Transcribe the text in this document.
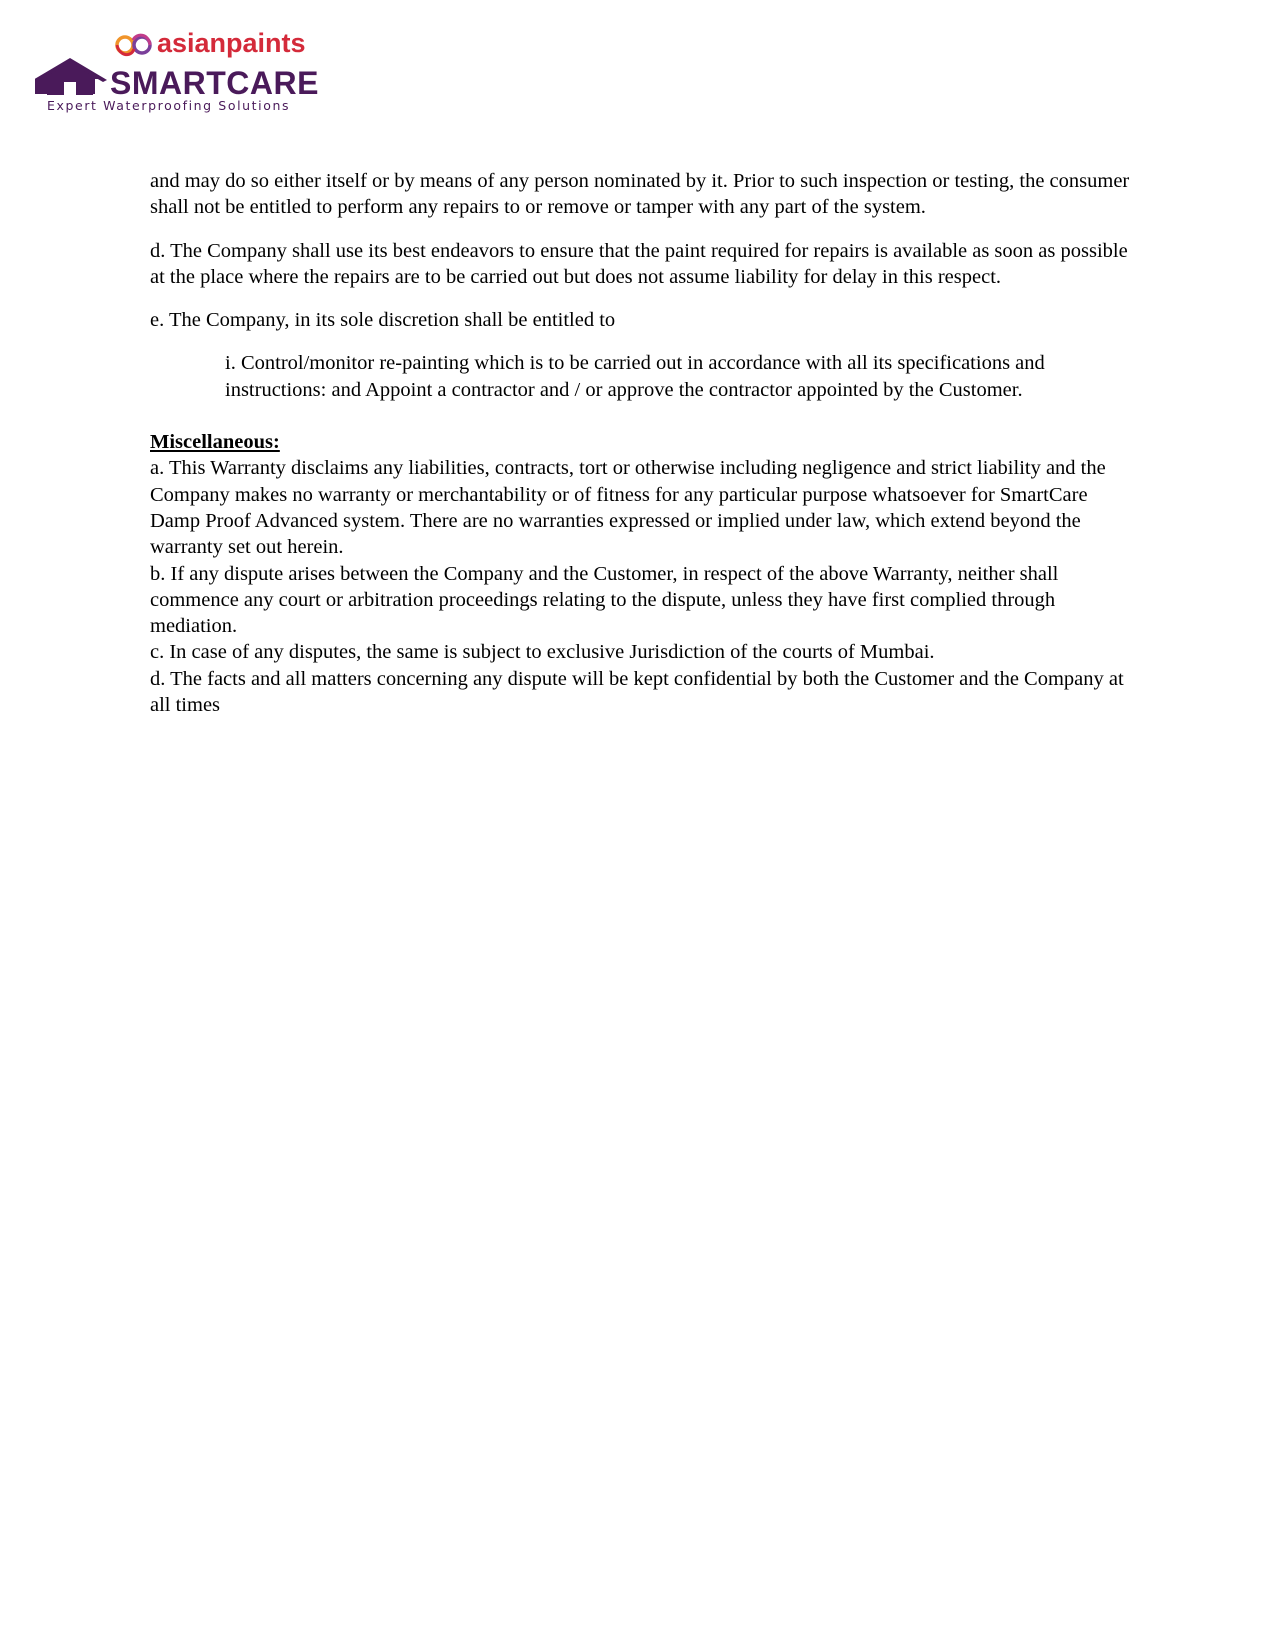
asianpaints
SMARTCARE
Expert Waterproofing Solutions

and may do so either itself or by means of any person nominated by it. Prior to such inspection or testing, the consumer shall not be entitled to perform any repairs to or remove or tamper with any part of the system.

d. The Company shall use its best endeavors to ensure that the paint required for repairs is available as soon as possible at the place where the repairs are to be carried out but does not assume liability for delay in this respect.

e. The Company, in its sole discretion shall be entitled to

i. Control/monitor re-painting which is to be carried out in accordance with all its specifications and instructions: and Appoint a contractor and / or approve the contractor appointed by the Customer.

Miscellaneous:

a. This Warranty disclaims any liabilities, contracts, tort or otherwise including negligence and strict liability and the Company makes no warranty or merchantability or of fitness for any particular purpose whatsoever for SmartCare Damp Proof Advanced system. There are no warranties expressed or implied under law, which extend beyond the warranty set out herein.

b. If any dispute arises between the Company and the Customer, in respect of the above Warranty, neither shall commence any court or arbitration proceedings relating to the dispute, unless they have first complied through mediation.

c. In case of any disputes, the same is subject to exclusive Jurisdiction of the courts of Mumbai.

d. The facts and all matters concerning any dispute will be kept confidential by both the Customer and the Company at all times
